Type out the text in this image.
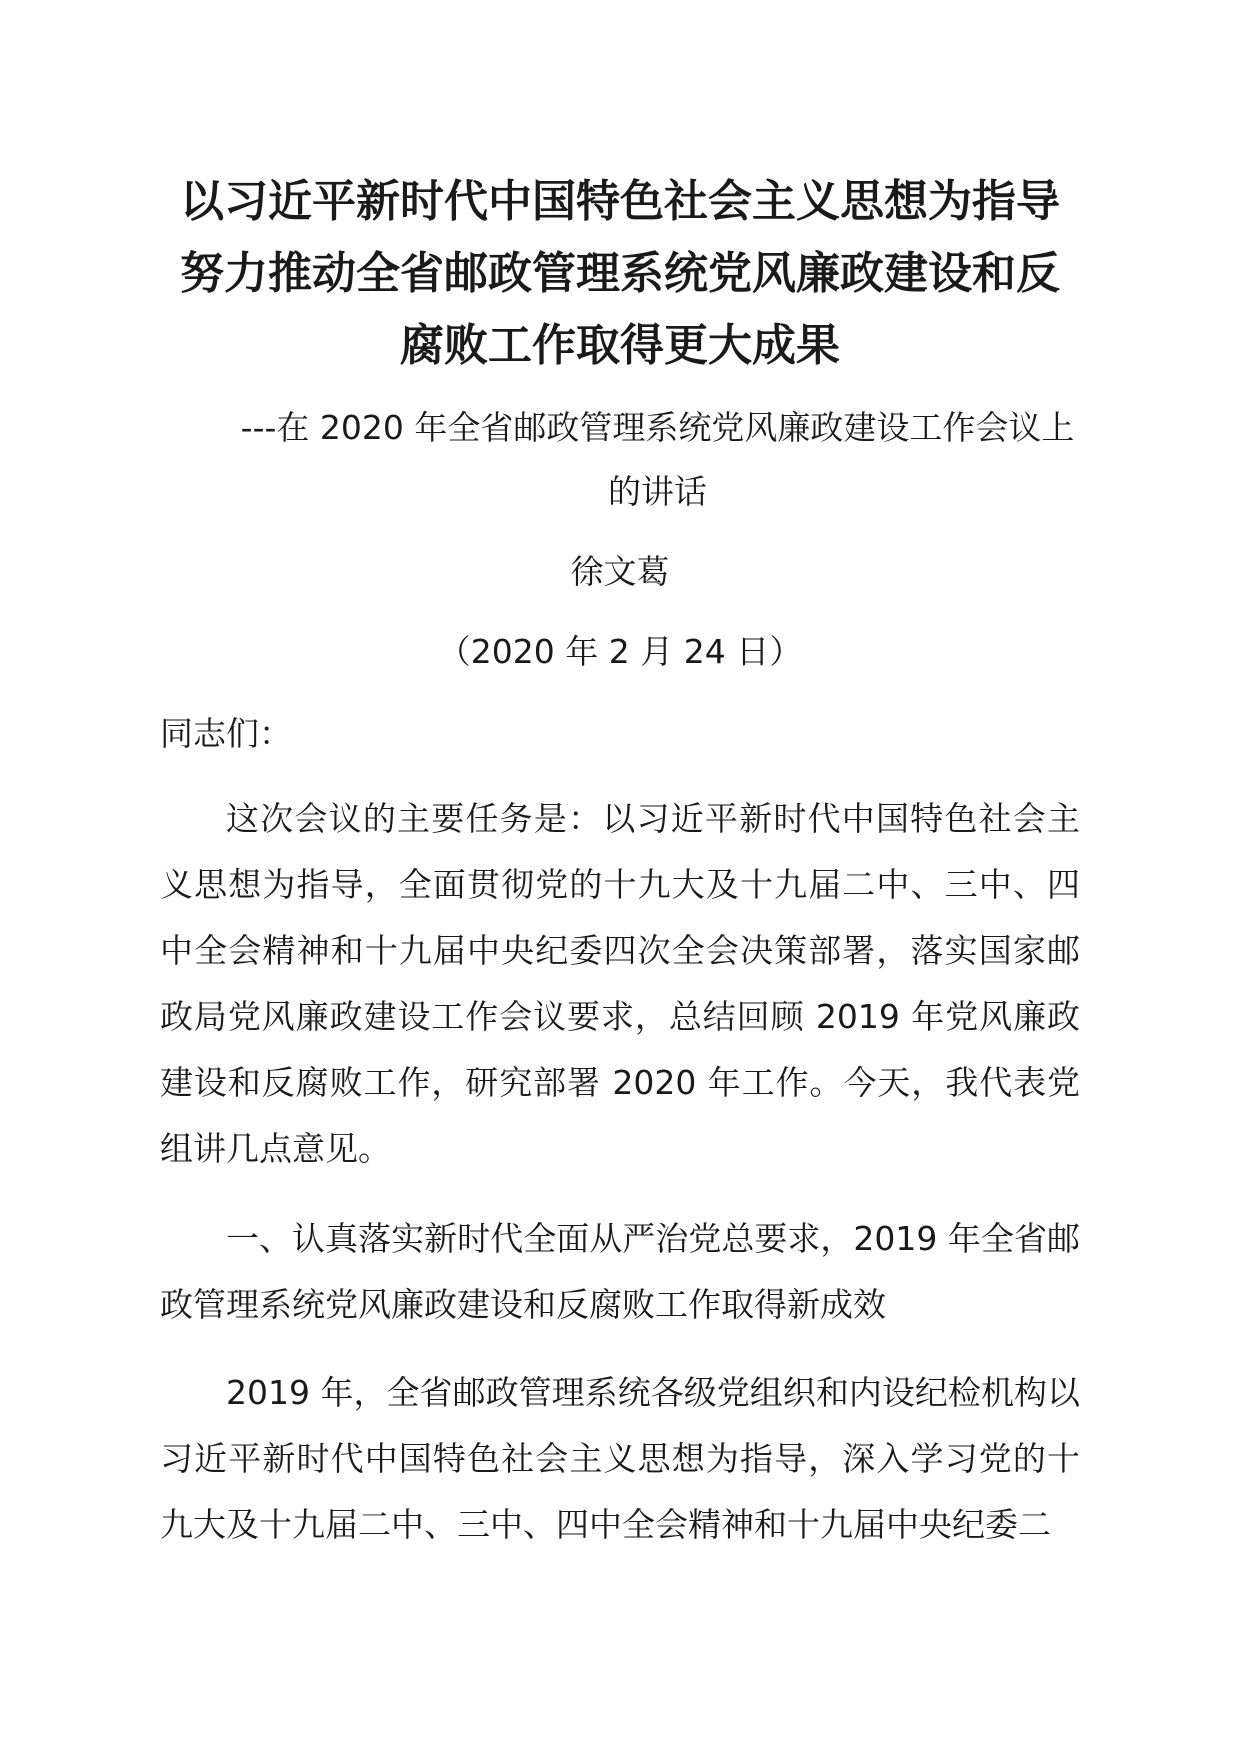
以习近平新时代中国特色社会主义思想为指导
努力推动全省邮政管理系统党风廉政建设和反
腐败工作取得更大成果

---在 2020 年全省邮政管理系统党风廉政建设工作会议上
的讲话

徐文葛

（2020 年 2 月 24 日）

同志们：

这次会议的主要任务是：以习近平新时代中国特色社会主义思想为指导，全面贯彻党的十九大及十九届二中、三中、四中全会精神和十九届中央纪委四次全会决策部署，落实国家邮政局党风廉政建设工作会议要求，总结回顾 2019 年党风廉政建设和反腐败工作，研究部署 2020 年工作。今天，我代表党组讲几点意见。

一、认真落实新时代全面从严治党总要求，2019 年全省邮政管理系统党风廉政建设和反腐败工作取得新成效

2019 年，全省邮政管理系统各级党组织和内设纪检机构以习近平新时代中国特色社会主义思想为指导，深入学习党的十九大及十九届二中、三中、四中全会精神和十九届中央纪委二
